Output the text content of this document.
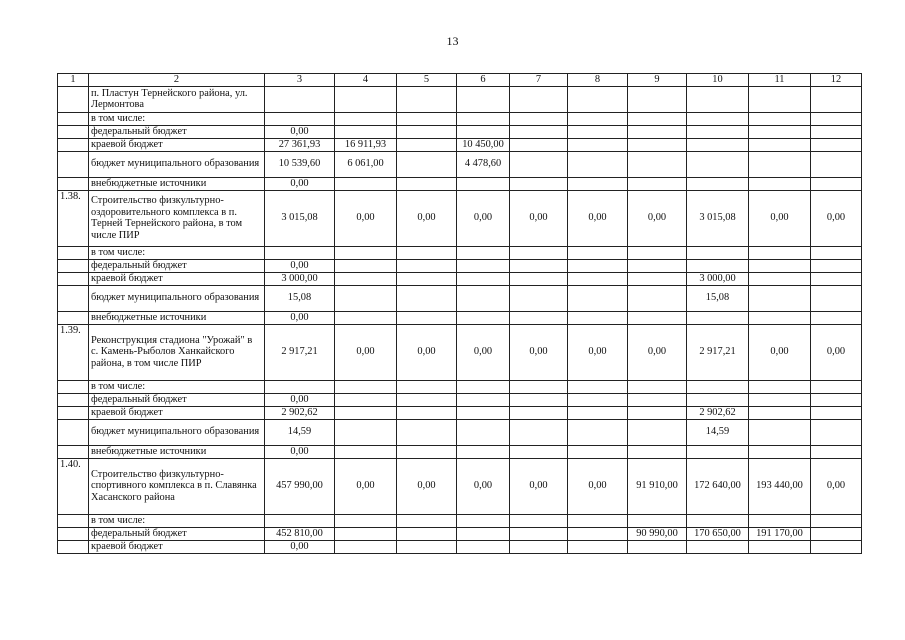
13
1	2	3	4	5	6	7	8	9	10	11	12
	п. Пластун Тернейского района, ул. Лермонтова										
	в том числе:										
	федеральный бюджет	0,00									
	краевой бюджет	27 361,93	16 911,93		10 450,00						
	бюджет муниципального образования	10 539,60	6 061,00		4 478,60						
	внебюджетные источники	0,00									
1.38.	Строительство физкультурно-оздоровительного комплекса в п. Терней Тернейского района, в том числе ПИР	3 015,08	0,00	0,00	0,00	0,00	0,00	0,00	3 015,08	0,00	0,00
	в том числе:										
	федеральный бюджет	0,00									
	краевой бюджет	3 000,00							3 000,00		
	бюджет муниципального образования	15,08							15,08		
	внебюджетные источники	0,00									
1.39.	Реконструкция стадиона "Урожай" в с. Камень-Рыболов Ханкайского района, в том числе ПИР	2 917,21	0,00	0,00	0,00	0,00	0,00	0,00	2 917,21	0,00	0,00
	в том числе:										
	федеральный бюджет	0,00									
	краевой бюджет	2 902,62							2 902,62		
	бюджет муниципального образования	14,59							14,59		
	внебюджетные источники	0,00									
1.40.	Строительство физкультурно-спортивного комплекса в п. Славянка Хасанского района	457 990,00	0,00	0,00	0,00	0,00	0,00	91 910,00	172 640,00	193 440,00	0,00
	в том числе:										
	федеральный бюджет	452 810,00						90 990,00	170 650,00	191 170,00	
	краевой бюджет	0,00									
